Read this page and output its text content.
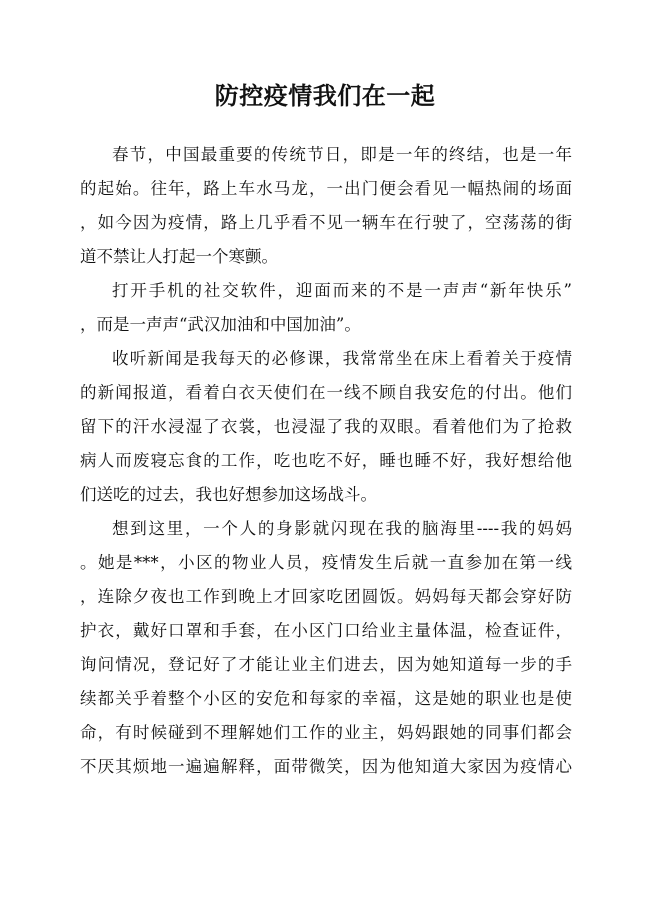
防控疫情我们在一起
春节，中国最重要的传统节日，即是一年的终结，也是一年
的起始。往年，路上车水马龙，一出门便会看见一幅热闹的场面
，如今因为疫情，路上几乎看不见一辆车在行驶了，空荡荡的街
道不禁让人打起一个寒颤。
打开手机的社交软件，迎面而来的不是一声声“新年快乐”
，而是一声声“武汉加油和中国加油”。
收听新闻是我每天的必修课，我常常坐在床上看着关于疫情
的新闻报道，看着白衣天使们在一线不顾自我安危的付出。他们
留下的汗水浸湿了衣裳，也浸湿了我的双眼。看着他们为了抢救
病人而废寝忘食的工作，吃也吃不好，睡也睡不好，我好想给他
们送吃的过去，我也好想参加这场战斗。
想到这里，一个人的身影就闪现在我的脑海里----我的妈妈
。她是***，小区的物业人员，疫情发生后就一直参加在第一线
，连除夕夜也工作到晚上才回家吃团圆饭。妈妈每天都会穿好防
护衣，戴好口罩和手套，在小区门口给业主量体温，检查证件，
询问情况，登记好了才能让业主们进去，因为她知道每一步的手
续都关乎着整个小区的安危和每家的幸福，这是她的职业也是使
命，有时候碰到不理解她们工作的业主，妈妈跟她的同事们都会
不厌其烦地一遍遍解释，面带微笑，因为他知道大家因为疫情心
